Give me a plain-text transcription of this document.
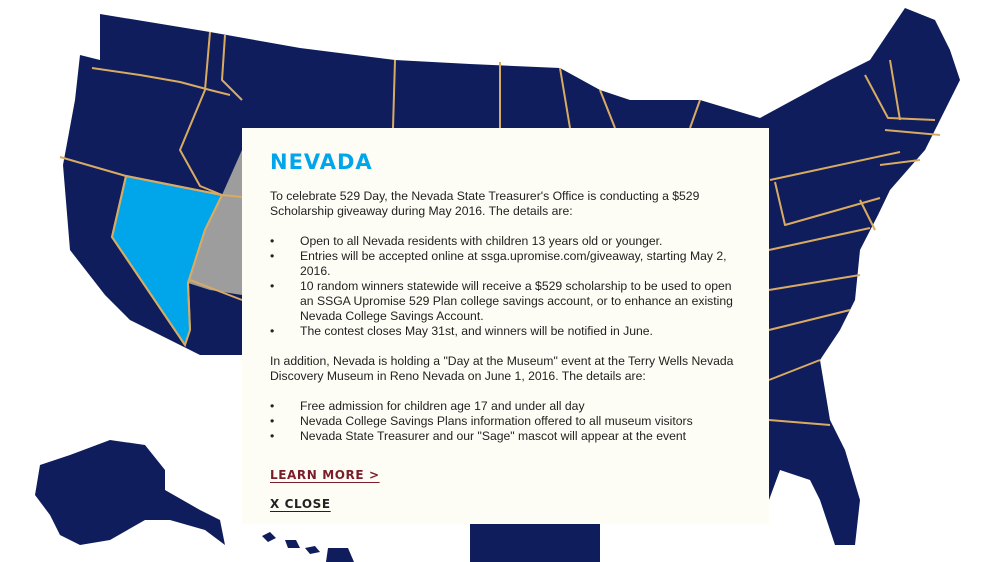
NEVADA

To celebrate 529 Day, the Nevada State Treasurer's Office is conducting a $529 Scholarship giveaway during May 2016. The details are:

• Open to all Nevada residents with children 13 years old or younger.
• Entries will be accepted online at ssga.upromise.com/giveaway, starting May 2, 2016.
• 10 random winners statewide will receive a $529 scholarship to be used to open an SSGA Upromise 529 Plan college savings account, or to enhance an existing Nevada College Savings Account.
• The contest closes May 31st, and winners will be notified in June.

In addition, Nevada is holding a "Day at the Museum" event at the Terry Wells Nevada Discovery Museum in Reno Nevada on June 1, 2016. The details are:

• Free admission for children age 17 and under all day
• Nevada College Savings Plans information offered to all museum visitors
• Nevada State Treasurer and our "Sage" mascot will appear at the event
LEARN MORE >
X CLOSE
